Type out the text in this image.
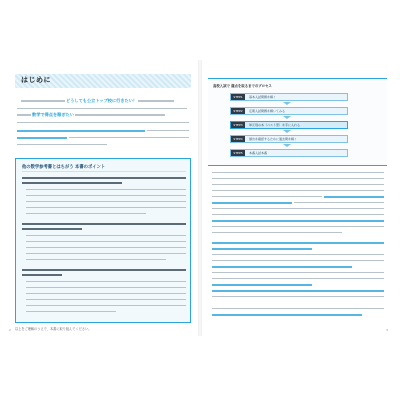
はじめに
どうしても公立トップ校に行きたい！
数学で得点を稼ぎたい
他の数学参考書とはちがう 本書のポイント
以上をご理解のうえで、本書に取り組んでください。
2
高校入試で 満点を取るまでのプロセス
STEP1	基本入試問題を解く
STEP2	定期入試問題を解いてみる
STEP3	単元別の本（ベスト型）を手に入れる
STEP4	頻出を確認するために過去問を解く
STEP5	本番入試本番
3
